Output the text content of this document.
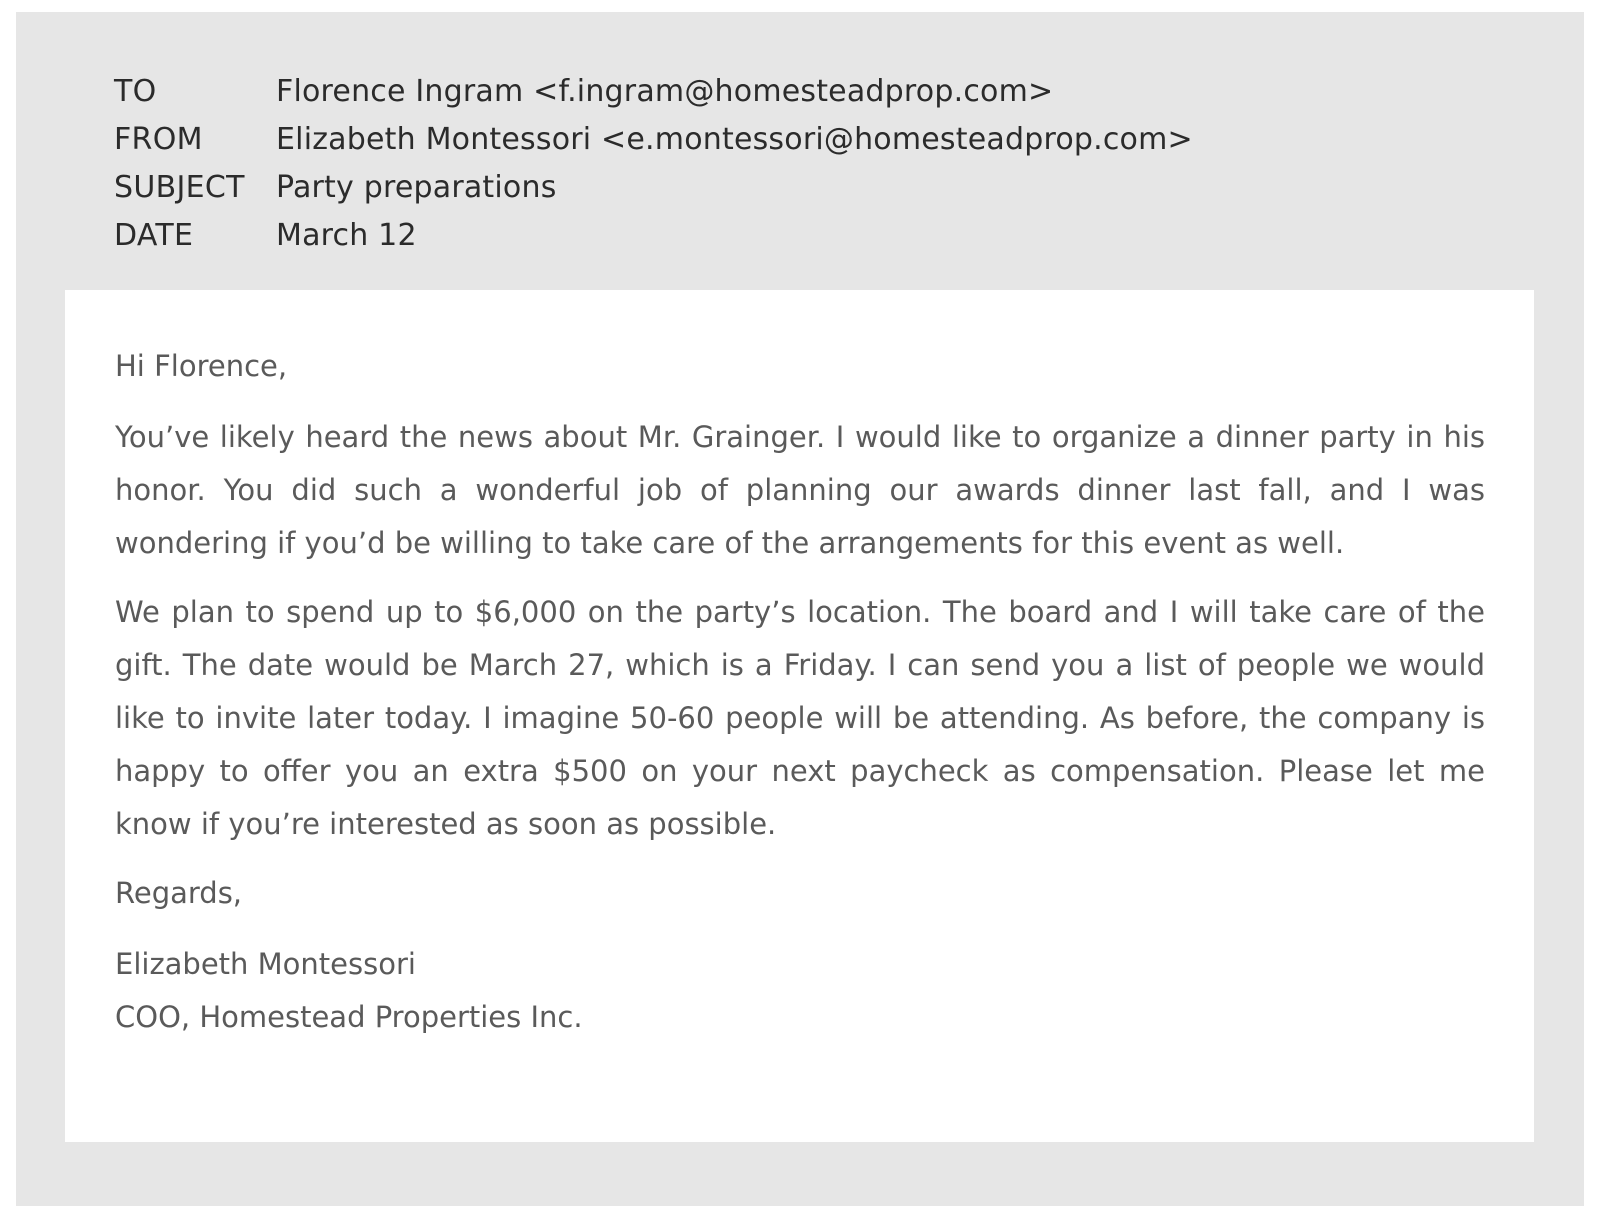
TO	Florence Ingram <f.ingram@homesteadprop.com>
FROM	Elizabeth Montessori <e.montessori@homesteadprop.com>
SUBJECT	Party preparations
DATE	March 12

Hi Florence,

You’ve likely heard the news about Mr. Grainger. I would like to organize a dinner party in his honor. You did such a wonderful job of planning our awards dinner last fall, and I was wondering if you’d be willing to take care of the arrangements for this event as well.

We plan to spend up to $6,000 on the party’s location. The board and I will take care of the gift. The date would be March 27, which is a Friday. I can send you a list of people we would like to invite later today. I imagine 50-60 people will be attending. As before, the company is happy to offer you an extra $500 on your next paycheck as compensation. Please let me know if you’re interested as soon as possible.

Regards,

Elizabeth Montessori

COO, Homestead Properties Inc.
